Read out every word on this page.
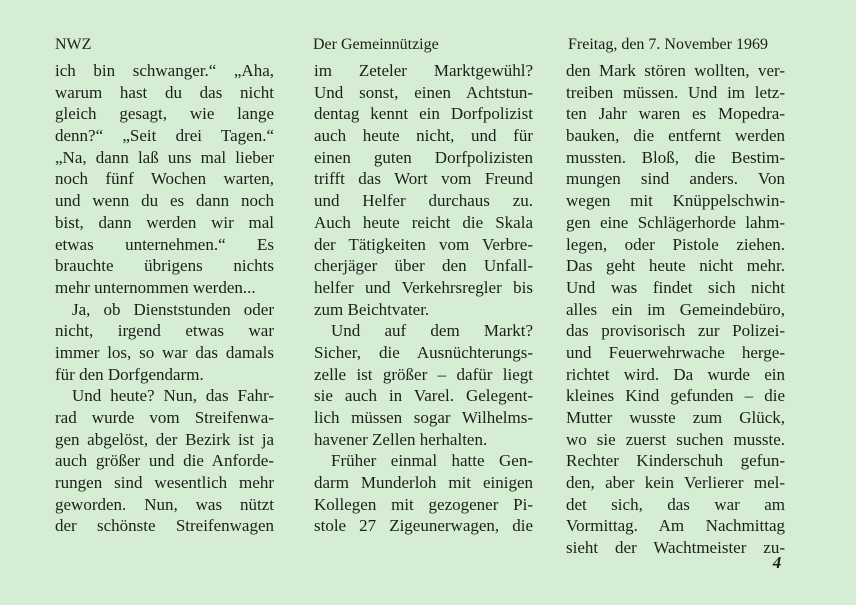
NWZ	Der Gemeinnützige	Freitag, den 7. November 1969
ich bin schwanger.“ „Aha,
warum hast du das nicht
gleich gesagt, wie lange
denn?“ „Seit drei Tagen.“
„Na, dann laß uns mal lieber
noch fünf Wochen warten,
und wenn du es dann noch
bist, dann werden wir mal
etwas unternehmen.“ Es
brauchte übrigens nichts
mehr unternommen werden...
Ja, ob Dienststunden oder
nicht, irgend etwas war
immer los, so war das damals
für den Dorfgendarm.
Und heute? Nun, das Fahr-
rad wurde vom Streifenwa-
gen abgelöst, der Bezirk ist ja
auch größer und die Anforde-
rungen sind wesentlich mehr
geworden. Nun, was nützt
der schönste Streifenwagen
im Zeteler Marktgewühl?
Und sonst, einen Achtstun-
dentag kennt ein Dorfpolizist
auch heute nicht, und für
einen guten Dorfpolizisten
trifft das Wort vom Freund
und Helfer durchaus zu.
Auch heute reicht die Skala
der Tätigkeiten vom Verbre-
cherjäger über den Unfall-
helfer und Verkehrsregler bis
zum Beichtvater.
Und auf dem Markt?
Sicher, die Ausnüchterungs-
zelle ist größer – dafür liegt
sie auch in Varel. Gelegent-
lich müssen sogar Wilhelms-
havener Zellen herhalten.
Früher einmal hatte Gen-
darm Munderloh mit einigen
Kollegen mit gezogener Pi-
stole 27 Zigeunerwagen, die
den Mark stören wollten, ver-
treiben müssen. Und im letz-
ten Jahr waren es Mopedra-
bauken, die entfernt werden
mussten. Bloß, die Bestim-
mungen sind anders. Von
wegen mit Knüppelschwin-
gen eine Schlägerhorde lahm-
legen, oder Pistole ziehen.
Das geht heute nicht mehr.
Und was findet sich nicht
alles ein im Gemeindebüro,
das provisorisch zur Polizei-
und Feuerwehrwache herge-
richtet wird. Da wurde ein
kleines Kind gefunden – die
Mutter wusste zum Glück,
wo sie zuerst suchen musste.
Rechter Kinderschuh gefun-
den, aber kein Verlierer mel-
det sich, das war am
Vormittag. Am Nachmittag
sieht der Wachtmeister zu-
4
